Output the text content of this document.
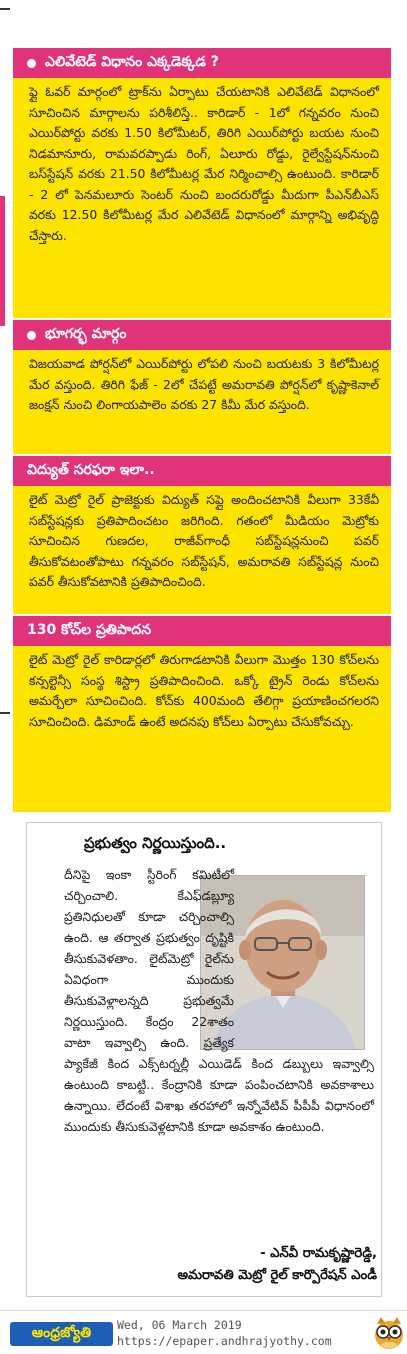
ఎలివేటెడ్ విధానం ఎక్కడెక్కడ ?

ఫ్లై ఓవర్ మార్గంలో ట్రాక్‌ను ఏర్పాటు చేయటానికి ఎలివేటెడ్ విధానంలో సూచించిన మార్గాలను పరిశీలిస్తే.. కారిడార్ - 1లో గన్నవరం నుంచి ఎయిర్‌పోర్టు వరకు 1.50 కిలోమీటర్, తిరిగి ఎయిర్‌పోర్టు బయట నుంచి నిడమానూరు, రామవరప్పాడు రింగ్, ఏలూరు రోడ్డు, రైల్వేస్టేషన్‌నుంచి బస్‌స్టేషన్ వరకు 21.50 కిలోమీటర్ల మేర నిర్మించాల్సి ఉంటుంది. కారిడార్ - 2 లో పెనమలూరు సెంటర్ నుంచి బందరురోడ్డు మీదుగా పీఎన్‌బీఎస్ వరకు 12.50 కిలోమీటర్ల మేర ఎలివేటెడ్ విధానంలో మార్గాన్ని అభివృద్ధి చేస్తారు.

భూగర్భ మార్గం

విజయవాడ పోర్షన్‌లో ఎయిర్‌పోర్టు లోపలి నుంచి బయటకు 3 కిలోమీటర్ల మేర వస్తుంది. తిరిగి ఫేజ్ - 2లో చేపట్టే అమరావతి పోర్షన్‌లో కృష్ణాకెనాల్ జంక్షన్ నుంచి లింగాయపాలెం వరకు 27 కిమీ మేర వస్తుంది.

విద్యుత్ సరఫరా ఇలా..

లైట్ మెట్రో రైల్ ప్రాజెక్టుకు విద్యుత్ సప్లై అందించటానికి వీలుగా 33కేవీ సబ్‌స్టేషన్లకు ప్రతిపాదించటం జరిగింది. గతంలో మీడియం మెట్రోకు సూచించిన గుణదల, రాజీవ్‌గాంధీ సబ్‌స్టేషన్లనుంచి పవర్ తీసుకోవటంతోపాటు గన్నవరం సబ్‌స్టేషన్, అమరావతి సబ్‌స్టేషన్ల నుంచి పవర్ తీసుకోవటానికి ప్రతిపాదించింది.

130 కోచ్‌ల ప్రతిపాదన

లైట్ మెట్రో రైల్ కారిడార్లలో తిరుగాడటానికి వీలుగా మొత్తం 130 కోచ్‌లను కన్సల్టెన్సీ సంస్థ శిస్ట్రా ప్రతిపాదించింది. ఒక్కో ట్రైన్ రెండు కోచ్‌లను అమర్చేలా సూచించింది. కోచ్‌కు 400మంది తేలిగ్గా ప్రయాణించగలరని సూచించింది. డిమాండ్ ఉంటే అదనపు కోచ్‌లు ఏర్పాటు చేసుకోవచ్చు.

ప్రభుత్వం నిర్ణయిస్తుంది..
దీనిపై ఇంకా స్టీరింగ్ కమిటీలో చర్చించాలి. కేఎఫ్‌డబ్ల్యూ ప్రతినిధులతో కూడా చర్చించాల్సి ఉంది. ఆ తర్వాత ప్రభుత్వం దృష్టికి తీసుకువెళతాం. లైట్‌మెట్రో రైల్‌ను ఏవిధంగా ముందుకు తీసుకువెళ్లాలన్నది ప్రభుత్వమే నిర్ణయిస్తుంది. కేంద్రం 22శాతం వాటా ఇవ్వాల్సి ఉంది. ప్రత్యేక ప్యాకేజీ కింద ఎక్స్‌టర్నల్లీ ఎయిడెడ్ కింద డబ్బులు ఇవ్వాల్సి ఉంటుంది కాబట్టి.. కేంద్రానికి కూడా పంపించటానికి అవకాశాలు ఉన్నాయి. లేదంటే విశాఖ తరహాలో ఇన్నోవేటివ్ పీపీపీ విధానంలో ముందుకు తీసుకువెళ్లటానికి కూడా అవకాశం ఉంటుంది.
- ఎన్‌వీ రామకృష్ణారెడ్డి,
అమరావతి మెట్రో రైల్ కార్పొరేషన్ ఎండీ
ఆంధ్రజ్యోతి	Wed, 06 March 2019
https://epaper.andhrajyothy.com
